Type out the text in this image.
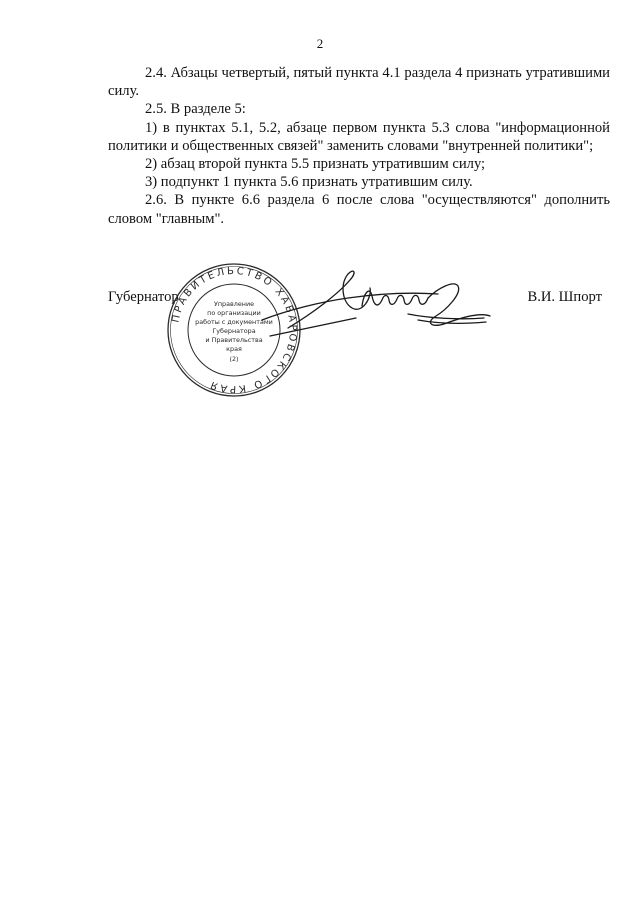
2

2.4. Абзацы четвертый, пятый пункта 4.1 раздела 4 признать утратившими силу.

2.5. В разделе 5:

1) в пунктах 5.1, 5.2, абзаце первом пункта 5.3 слова "информационной политики и общественных связей" заменить словами "внутренней политики";

2) абзац второй пункта 5.5 признать утратившим силу;

3) подпункт 1 пункта 5.6 признать утратившим силу.

2.6. В пункте 6.6 раздела 6 после слова "осуществляются" дополнить словом "главным".

Губернатор	В.И. Шпорт
ПРАВИТЕЛЬСТВО ХАБАРОВСКОГО КРАЯ
Управление
по организации
работы с документами
Губернатора
и Правительства
края
(2)
